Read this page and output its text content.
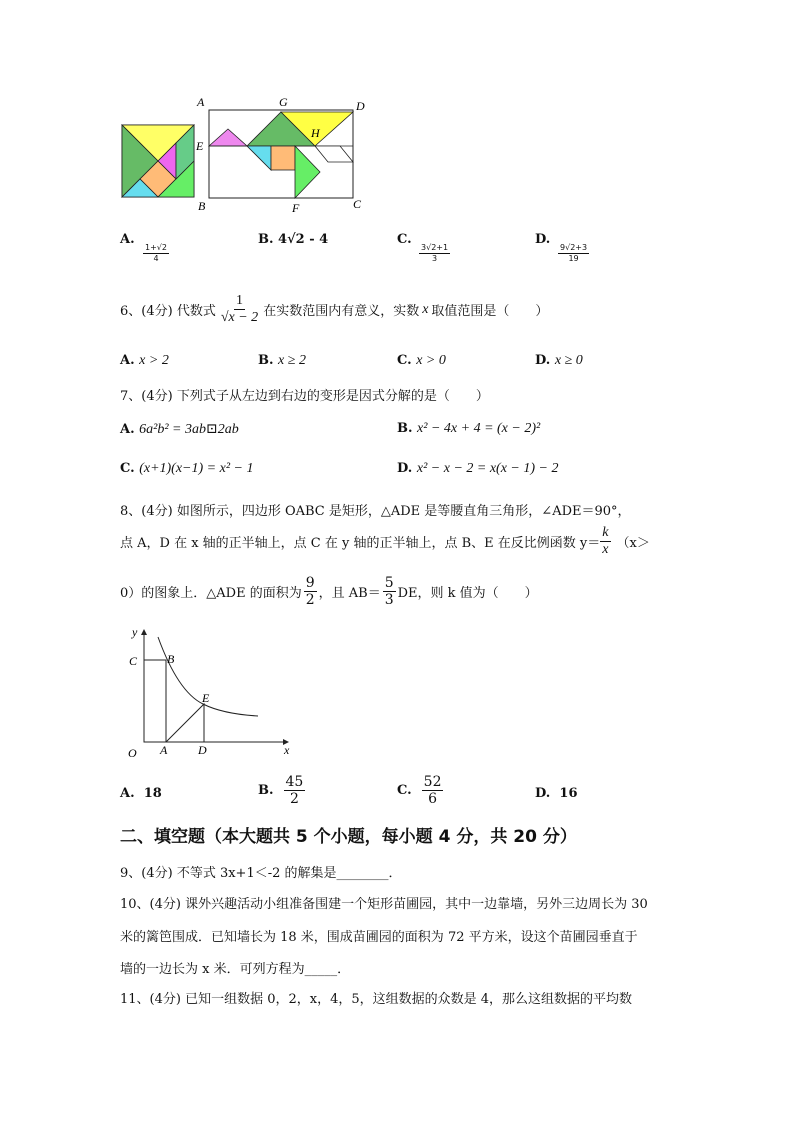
A	G	D
E
H
B	F	C
A.
$\frac{1+√2}{4}$
B. 4√2 - 4	C.
$\frac{3√2+1}{3}$
D.
$\frac{9√2+3}{19}$
6、(4分) 代数式 $\frac{1}{√x - 2}$ 在实数范围内有意义，实数 x 取值范围是（　　）
A. x > 2	B. x ≥ 2	C. x > 0	D. x ≥ 0
7、(4分) 下列式子从左边到右边的变形是因式分解的是（　　）
A. 6a²b² = 3ab⊡2ab	B. x² − 4x + 4 = (x − 2)²
C. (x+1)(x−1) = x² − 1	D. x² − x − 2 = x(x − 1) − 2
8、(4分) 如图所示，四边形 OABC 是矩形，△ADE 是等腰直角三角形，∠ADE＝90°，
点 A，D 在 x 轴的正半轴上，点 C 在 y 轴的正半轴上，点 B、E 在反比例函数 $y= \frac{k}{x} (x>$
0）的图象上．△ADE 的面积为 $\frac{9}{2}$ ，且 $AB= \frac{5}{3}$ DE，则 k 值为（　　）
y
C B
E
O A	D	x
A. 18	B. $\frac{45}{2}$	C. $\frac{52}{6}$	D. 16
二、填空题（本大题共 5 个小题，每小题 4 分，共 20 分）
9、(4分) 不等式 3x+1＜-2 的解集是________．
10、(4分) 课外兴趣活动小组准备围建一个矩形苗圃园，其中一边靠墙，另外三边周长为 30
米的篱笆围成．已知墙长为 18 米，围成苗圃园的面积为 72 平方米，设这个苗圃园垂直于
墙的一边长为 x 米．可列方程为_____．
11、(4分) 已知一组数据 0，2，x，4，5，这组数据的众数是 4，那么这组数据的平均数
